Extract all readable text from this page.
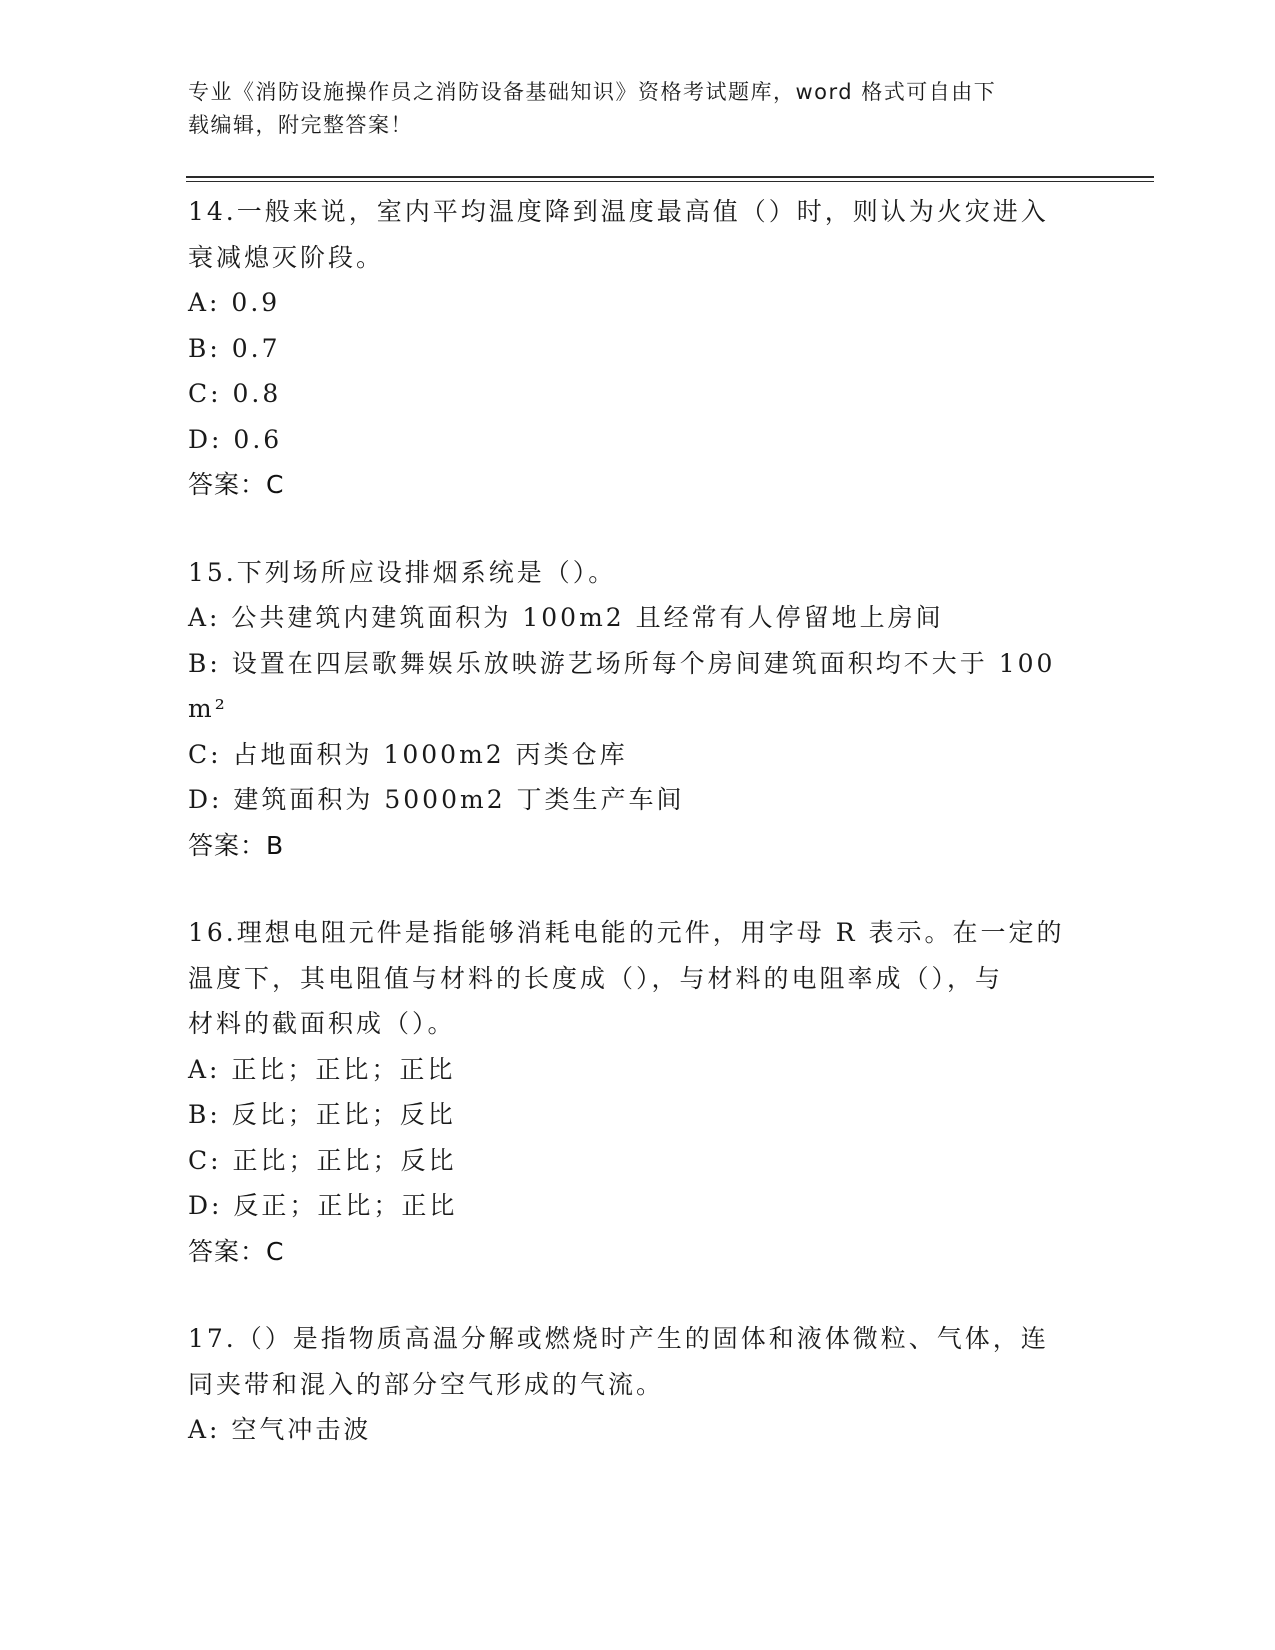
专业《消防设施操作员之消防设备基础知识》资格考试题库，word 格式可自由下
载编辑，附完整答案！
14.一般来说，室内平均温度降到温度最高值（）时，则认为火灾进入
衰减熄灭阶段。
A: 0.9
B: 0.7
C: 0.8
D: 0.6
答案：C
15.下列场所应设排烟系统是（）。
A: 公共建筑内建筑面积为 100m2 且经常有人停留地上房间
B: 设置在四层歌舞娱乐放映游艺场所每个房间建筑面积均不大于 100
m²
C: 占地面积为 1000m2 丙类仓库
D: 建筑面积为 5000m2 丁类生产车间
答案：B
16.理想电阻元件是指能够消耗电能的元件，用字母 R 表示。在一定的
温度下，其电阻值与材料的长度成（），与材料的电阻率成（），与
材料的截面积成（）。
A: 正比；正比；正比
B: 反比；正比；反比
C: 正比；正比；反比
D: 反正；正比；正比
答案：C
17.（）是指物质高温分解或燃烧时产生的固体和液体微粒、气体，连
同夹带和混入的部分空气形成的气流。
A: 空气冲击波
